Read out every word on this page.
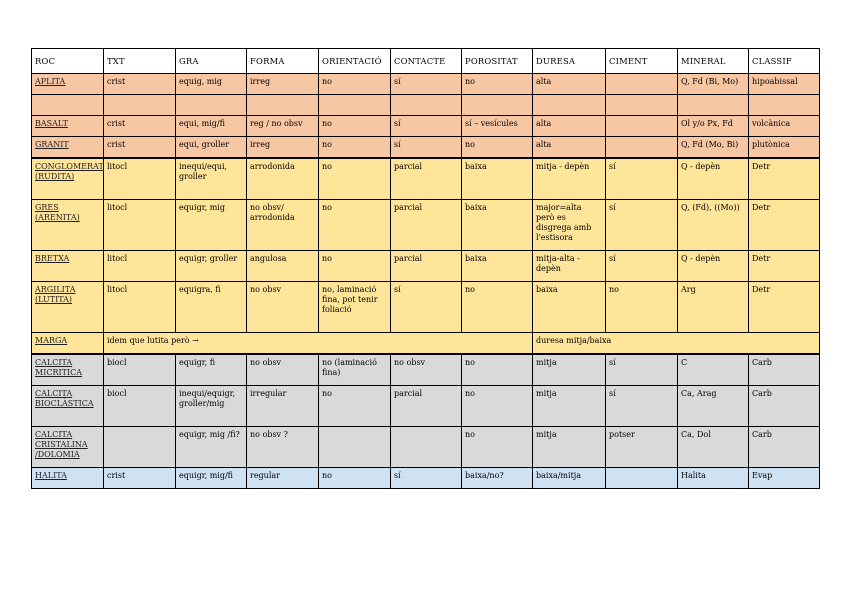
ROC	TXT	GRA	FORMA	ORIENTACIÓ	CONTACTE	POROSITAT	DURESA	CIMENT	MINERAL	CLASSIF
APLITA	crist	equig, mig	irreg	no	sí	no	alta		Q, Fd (Bi, Mo)	hipoabissal

BASALT	crist	equi, mig/fi	reg / no obsv	no	sí	sí – vesícules	alta		Ol y/o Px, Fd	volcànica
GRANIT	crist	equi, groller	irreg	no	sí	no	alta		Q, Fd (Mo, Bi)	plutònica
CONGLOMERAT (RUDITA)	litocl	inequi/equi, groller	arrodonida	no	parcial	baixa	mitja - depèn	sí	Q - depèn	Detr
GRES (ARENITA)	litocl	equigr, mig	no obsv/ arrodonida	no	parcial	baixa	major=alta però es disgrega amb l'estisora	sí	Q, (Fd), ((Mo))	Detr
BRETXA	litocl	equigr, groller	angulosa	no	parcial	baixa	mitja-alta - depèn	sí	Q - depèn	Detr
ARGILITA (LUTITA)	litocl	equigra, fi	no obsv	no, laminació fina, pot tenir foliació	sí	no	baixa	no	Arg	Detr
MARGA	idem que lutita però →						duresa mitja/baixa			
CALCITA MICRITICA	biocl	equigr, fi	no obsv	no (laminació fina)	no obsv	no	mitja	sí	C	Carb
CALCITA BIOCLÀSTICA	biocl	inequi/equigr, groller/mig	irregular	no	parcial	no	mitja	sí	Ca, Arag	Carb
CALCITA CRISTALINA /DOLOMIA		equigr, mig /fi?	no obsv ?			no	mitja	potser	Ca, Dol	Carb
HALITA	crist	equigr, mig/fi	regular	no	sí	baixa/no?	baixa/mitja		Halita	Evap
